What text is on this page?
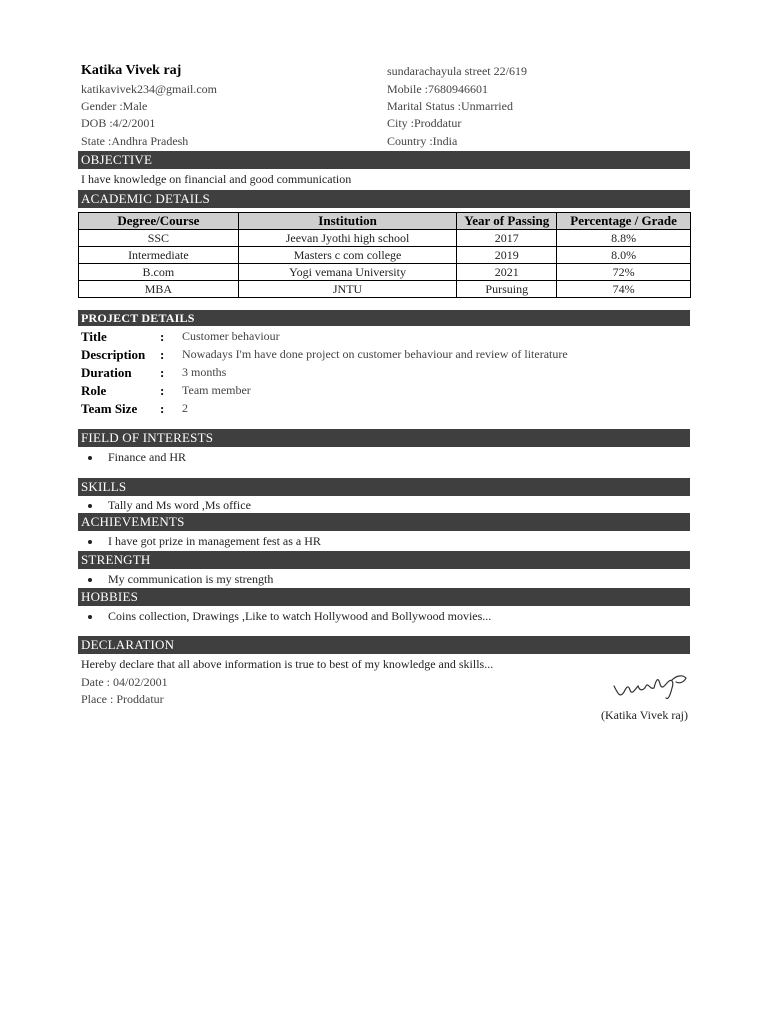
Katika Vivek raj
katikavivek234@gmail.com
Gender :Male
DOB :4/2/2001
State :Andhra Pradesh
sundarachayula street 22/619
Mobile :7680946601
Marital Status :Unmarried
City :Proddatur
Country :India
OBJECTIVE
I have knowledge on financial and good communication
ACADEMIC DETAILS
Degree/Course	Institution	Year of Passing	Percentage / Grade
SSC	Jeevan Jyothi high school	2017	8.8%
Intermediate	Masters c com college	2019	8.0%
B.com	Yogi vemana University	2021	72%
MBA	JNTU	Pursuing	74%
PROJECT DETAILS
Title	: Customer behaviour
Description : Nowadays I'm have done project on customer behaviour and review of literature
Duration : 3 months
Role	: Team member
Team Size : 2
FIELD OF INTERESTS
Finance and HR
SKILLS
Tally and Ms word ,Ms office
ACHIEVEMENTS
I have got prize in management fest as a HR
STRENGTH
My communication is my strength
HOBBIES
Coins collection, Drawings ,Like to watch Hollywood and Bollywood movies...
DECLARATION
Hereby declare that all above information is true to best of my knowledge and skills...
Date : 04/02/2001
Place : Proddatur
(Katika Vivek raj)
